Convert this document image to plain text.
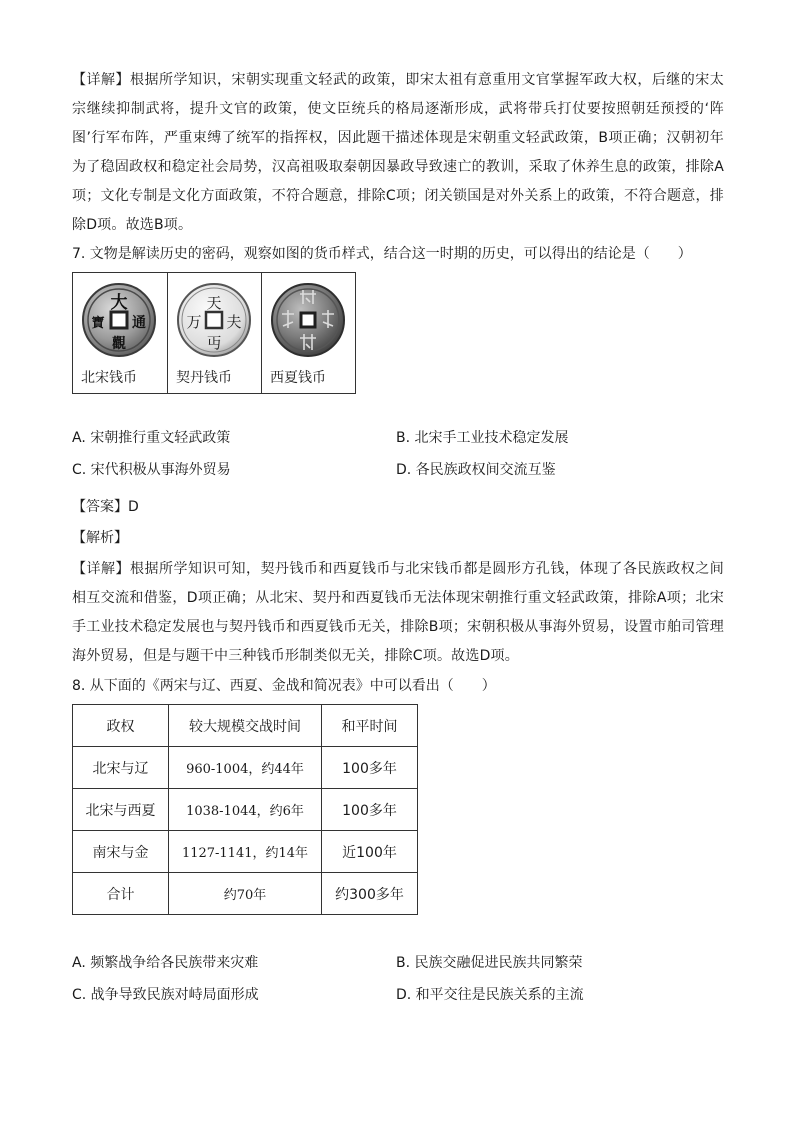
【详解】根据所学知识，宋朝实现重文轻武的政策，即宋太祖有意重用文官掌握军政大权，后继的宋太宗继续抑制武将，提升文官的政策，使文臣统兵的格局逐渐形成，武将带兵打仗要按照朝廷预授的‘阵图’行军布阵，严重束缚了统军的指挥权，因此题干描述体现是宋朝重文轻武政策，B项正确；汉朝初年为了稳固政权和稳定社会局势，汉高祖吸取秦朝因暴政导致速亡的教训，采取了休养生息的政策，排除A项；文化专制是文化方面政策，不符合题意，排除C项；闭关锁国是对外关系上的政策，不符合题意，排除D项。故选B项。

7. 文物是解读历史的密码，观察如图的货币样式，结合这一时期的历史，可以得出的结论是（　　）

大
通
觀
寶
北宋钱币

天
夫
丏
万
契丹钱币	西夏钱币
A. 宋朝推行重文轻武政策	B. 北宋手工业技术稳定发展
C. 宋代积极从事海外贸易	D. 各民族政权间交流互鉴

【答案】D

【解析】

【详解】根据所学知识可知，契丹钱币和西夏钱币与北宋钱币都是圆形方孔钱，体现了各民族政权之间相互交流和借鉴，D项正确；从北宋、契丹和西夏钱币无法体现宋朝推行重文轻武政策，排除A项；北宋手工业技术稳定发展也与契丹钱币和西夏钱币无关，排除B项；宋朝积极从事海外贸易，设置市舶司管理海外贸易，但是与题干中三种钱币形制类似无关，排除C项。故选D项。

8. 从下面的《两宋与辽、西夏、金战和简况表》中可以看出（　　）

政权	较大规模交战时间	和平时间
北宋与辽	960-1004，约44年	100多年
北宋与西夏	1038-1044，约6年	100多年
南宋与金	1127-1141，约14年	近100年
合计	约70年	约300多年
A. 频繁战争给各民族带来灾难	B. 民族交融促进民族共同繁荣
C. 战争导致民族对峙局面形成	D. 和平交往是民族关系的主流
